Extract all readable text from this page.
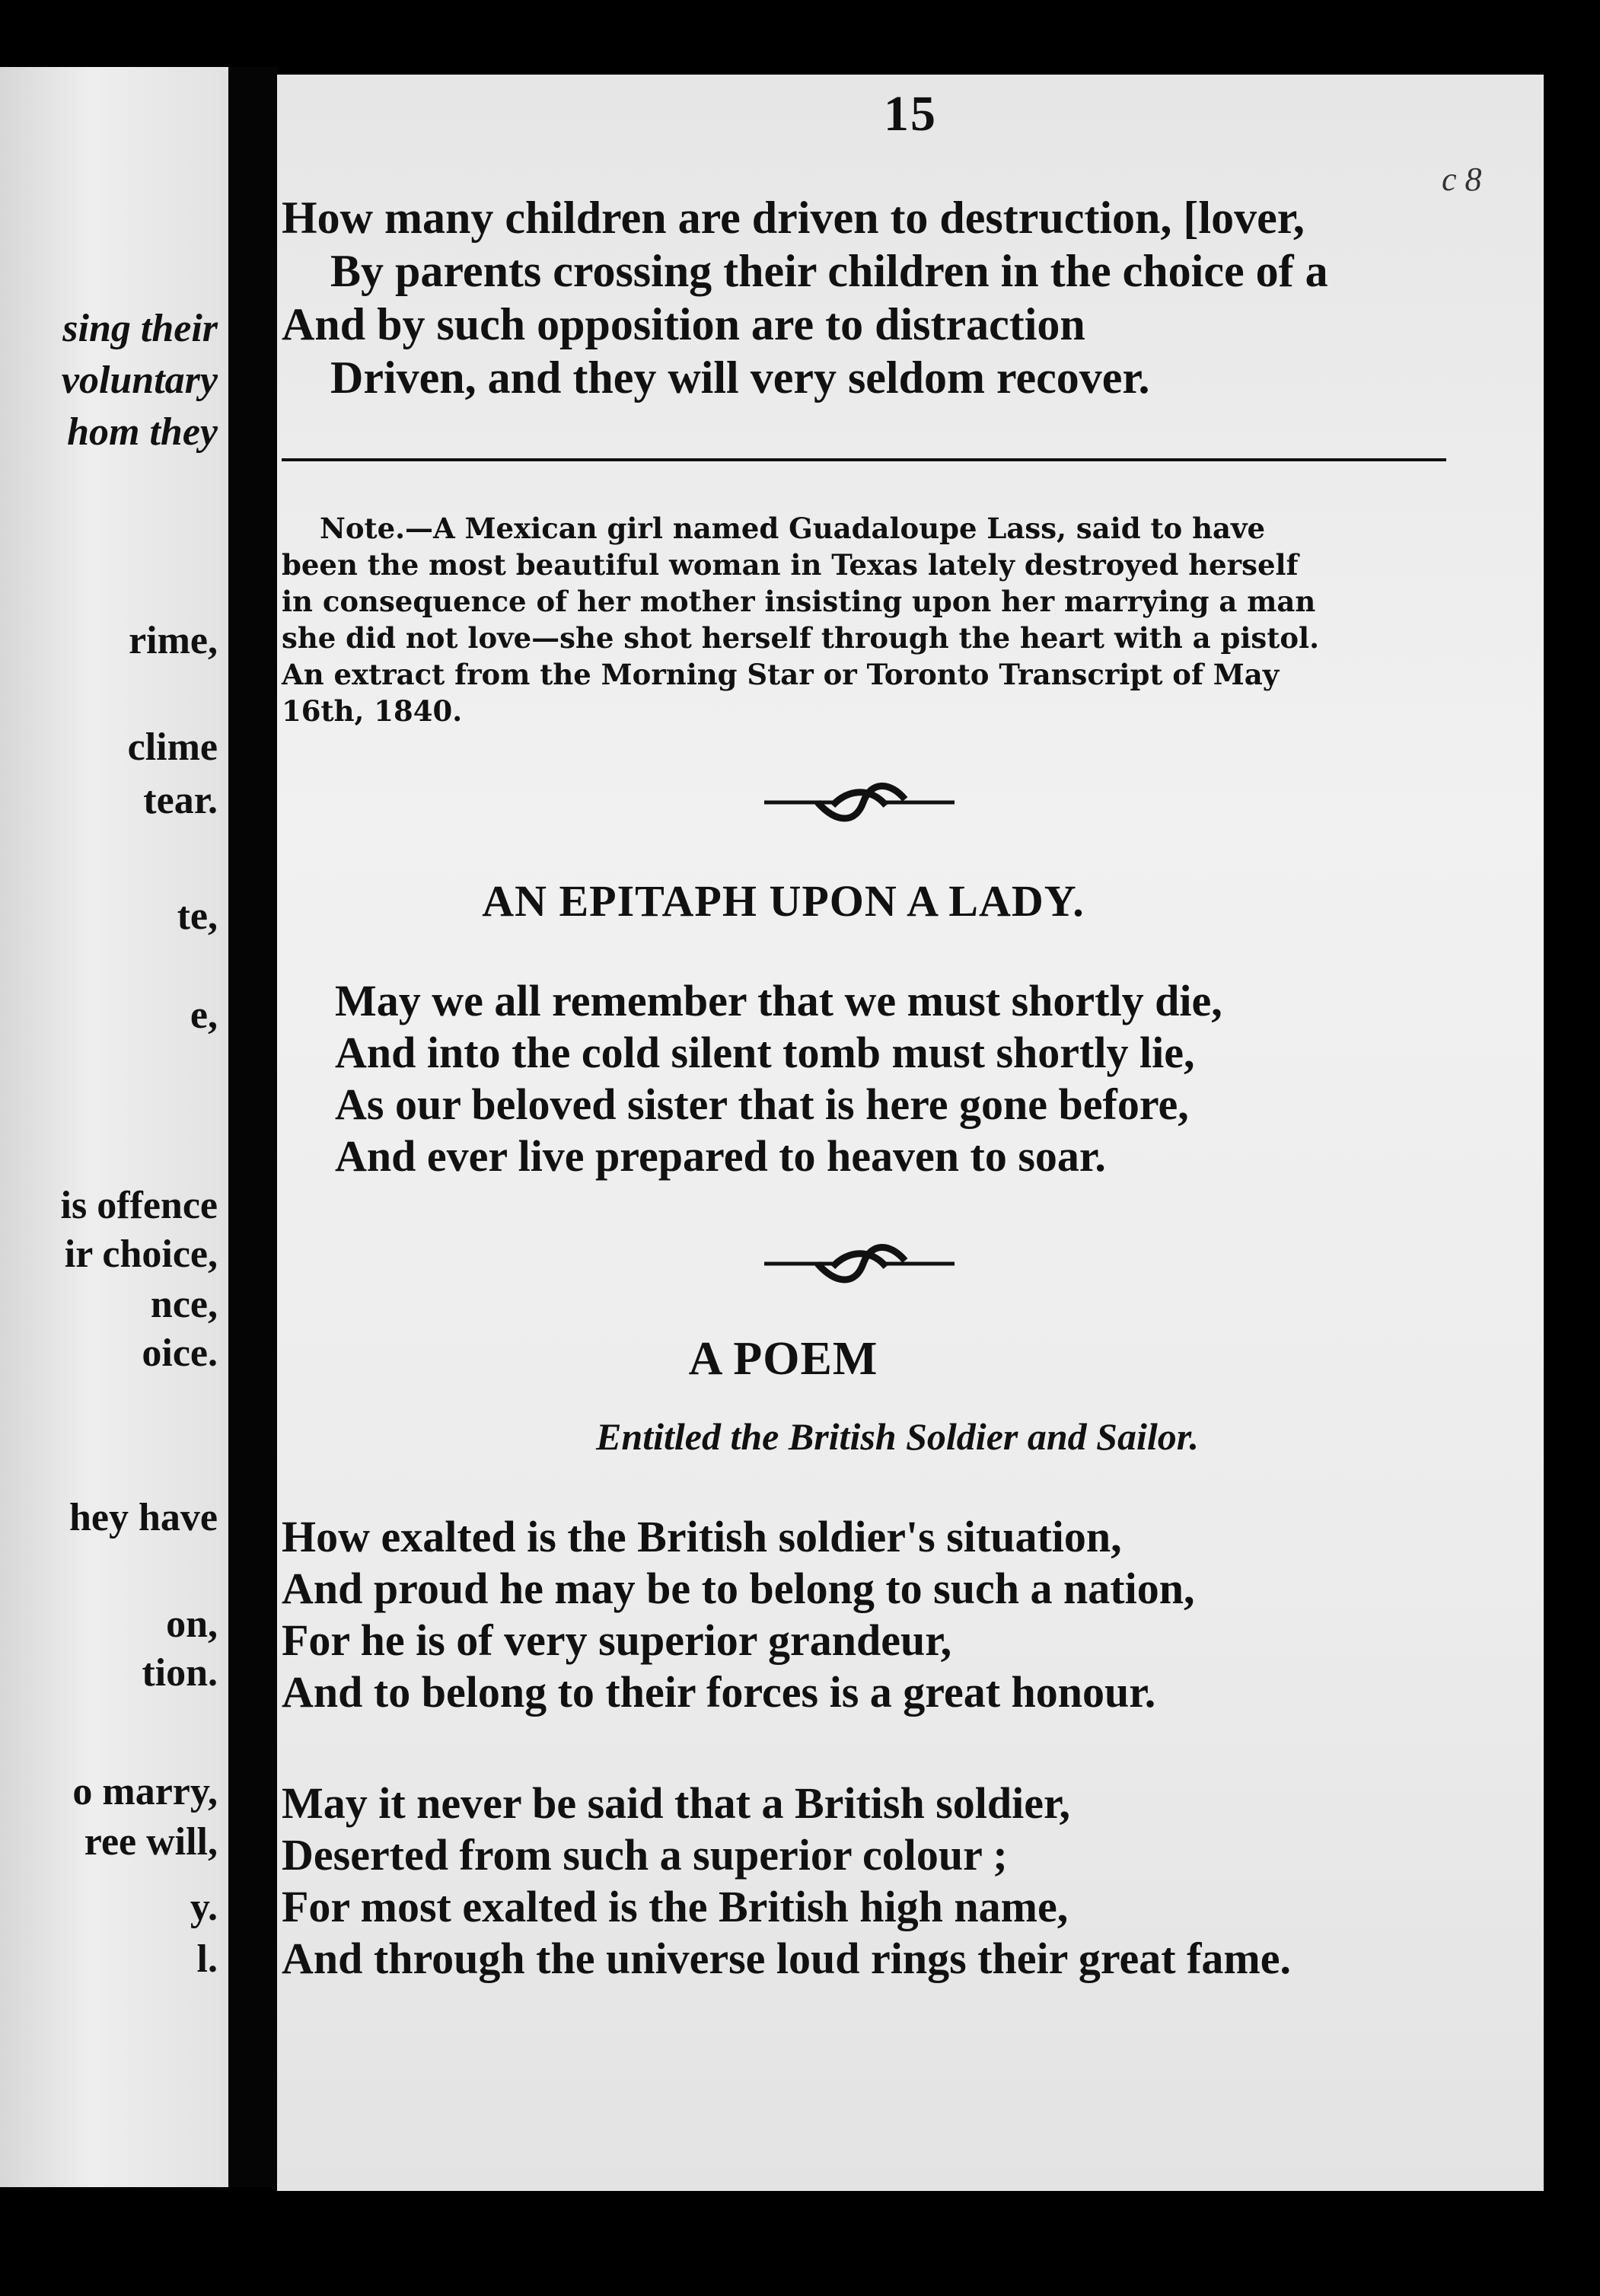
sing their
voluntary
hom they
rime,
climе
tear.
te,
e,
is offence
ir choice,
nce,
oice.
hey have
on,
tion.
o marry,
ree will,
y.
l.
15
c 8
How many children are driven to destruction, [lover,
By parents crossing their children in the choice of a
And by such opposition are to distraction
Driven, and they will very seldom recover.
Note.—A Mexican girl named Guadaloupe Lass, said to have
been the most beautiful woman in Texas lately destroyed herself
in consequence of her mother insisting upon her marrying a man
she did not love—she shot herself through the heart with a pistol.
An extract from the Morning Star or Toronto Transcript of May
16th, 1840.
AN EPITAPH UPON A LADY.
May we all remember that we must shortly die,
And into the cold silent tomb must shortly lie,
As our beloved sister that is here gone before,
And ever live prepared to heaven to soar.
A POEM
Entitled the British Soldier and Sailor.
How exalted is the British soldier's situation,
And proud he may be to belong to such a nation,
For he is of very superior grandeur,
And to belong to their forces is a great honour.
May it never be said that a British soldier,
Deserted from such a superior colour ;
For most exalted is the British high name,
And through the universe loud rings their great fame.
